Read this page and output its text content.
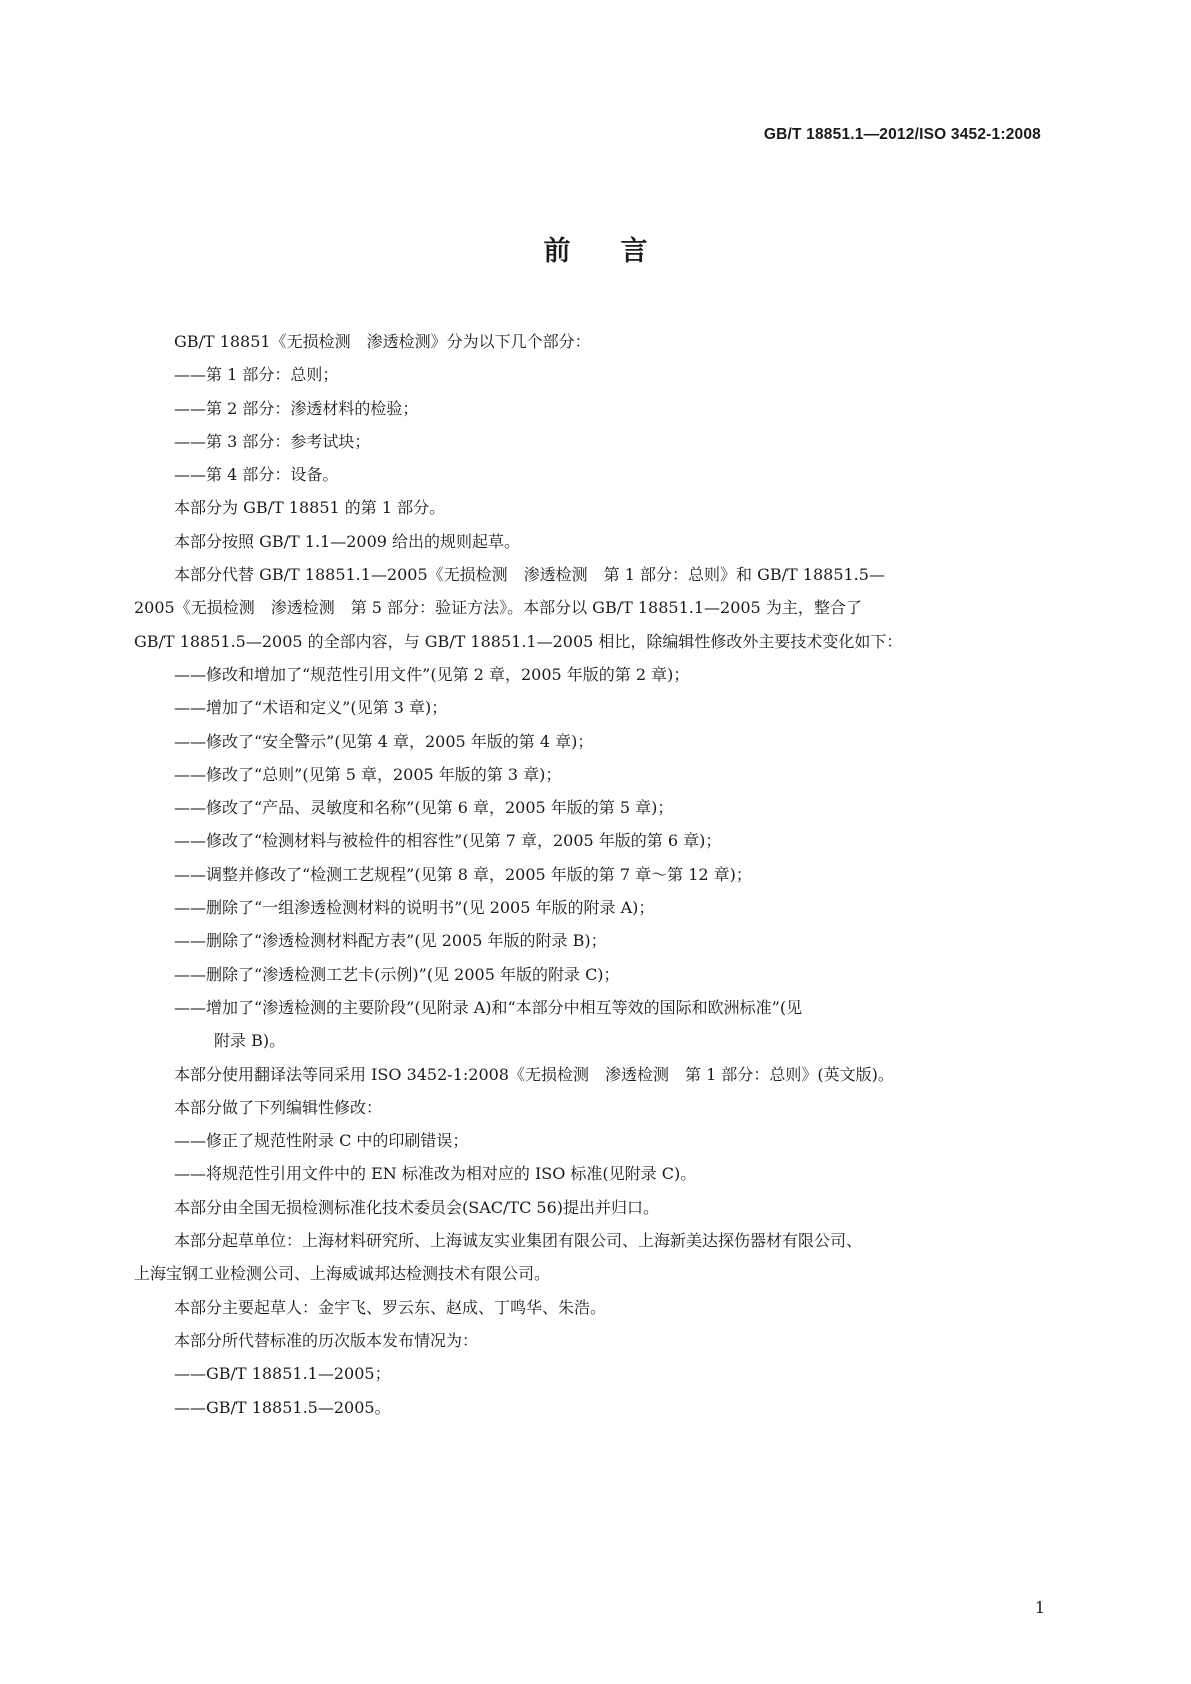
GB/T 18851.1—2012/ISO 3452-1:2008
前言

GB/T 18851《无损检测　渗透检测》分为以下几个部分：

——第 1 部分：总则；

——第 2 部分：渗透材料的检验；

——第 3 部分：参考试块；

——第 4 部分：设备。

本部分为 GB/T 18851 的第 1 部分。

本部分按照 GB/T 1.1—2009 给出的规则起草。

本部分代替 GB/T 18851.1—2005《无损检测　渗透检测　第 1 部分：总则》和 GB/T 18851.5—

2005《无损检测　渗透检测　第 5 部分：验证方法》。本部分以 GB/T 18851.1—2005 为主，整合了

GB/T 18851.5—2005 的全部内容，与 GB/T 18851.1—2005 相比，除编辑性修改外主要技术变化如下：

——修改和增加了“规范性引用文件”(见第 2 章，2005 年版的第 2 章)；

——增加了“术语和定义”(见第 3 章)；

——修改了“安全警示”(见第 4 章，2005 年版的第 4 章)；

——修改了“总则”(见第 5 章，2005 年版的第 3 章)；

——修改了“产品、灵敏度和名称”(见第 6 章，2005 年版的第 5 章)；

——修改了“检测材料与被检件的相容性”(见第 7 章，2005 年版的第 6 章)；

——调整并修改了“检测工艺规程”(见第 8 章，2005 年版的第 7 章～第 12 章)；

——删除了“一组渗透检测材料的说明书”(见 2005 年版的附录 A)；

——删除了“渗透检测材料配方表”(见 2005 年版的附录 B)；

——删除了“渗透检测工艺卡(示例)”(见 2005 年版的附录 C)；

——增加了“渗透检测的主要阶段”(见附录 A)和“本部分中相互等效的国际和欧洲标准”(见

附录 B)。

本部分使用翻译法等同采用 ISO 3452-1:2008《无损检测　渗透检测　第 1 部分：总则》(英文版)。

本部分做了下列编辑性修改：

——修正了规范性附录 C 中的印刷错误；

——将规范性引用文件中的 EN 标准改为相对应的 ISO 标准(见附录 C)。

本部分由全国无损检测标准化技术委员会(SAC/TC 56)提出并归口。

本部分起草单位：上海材料研究所、上海诚友实业集团有限公司、上海新美达探伤器材有限公司、

上海宝钢工业检测公司、上海威诚邦达检测技术有限公司。

本部分主要起草人：金宇飞、罗云东、赵成、丁鸣华、朱浩。

本部分所代替标准的历次版本发布情况为：

——GB/T 18851.1—2005；

——GB/T 18851.5—2005。

1
